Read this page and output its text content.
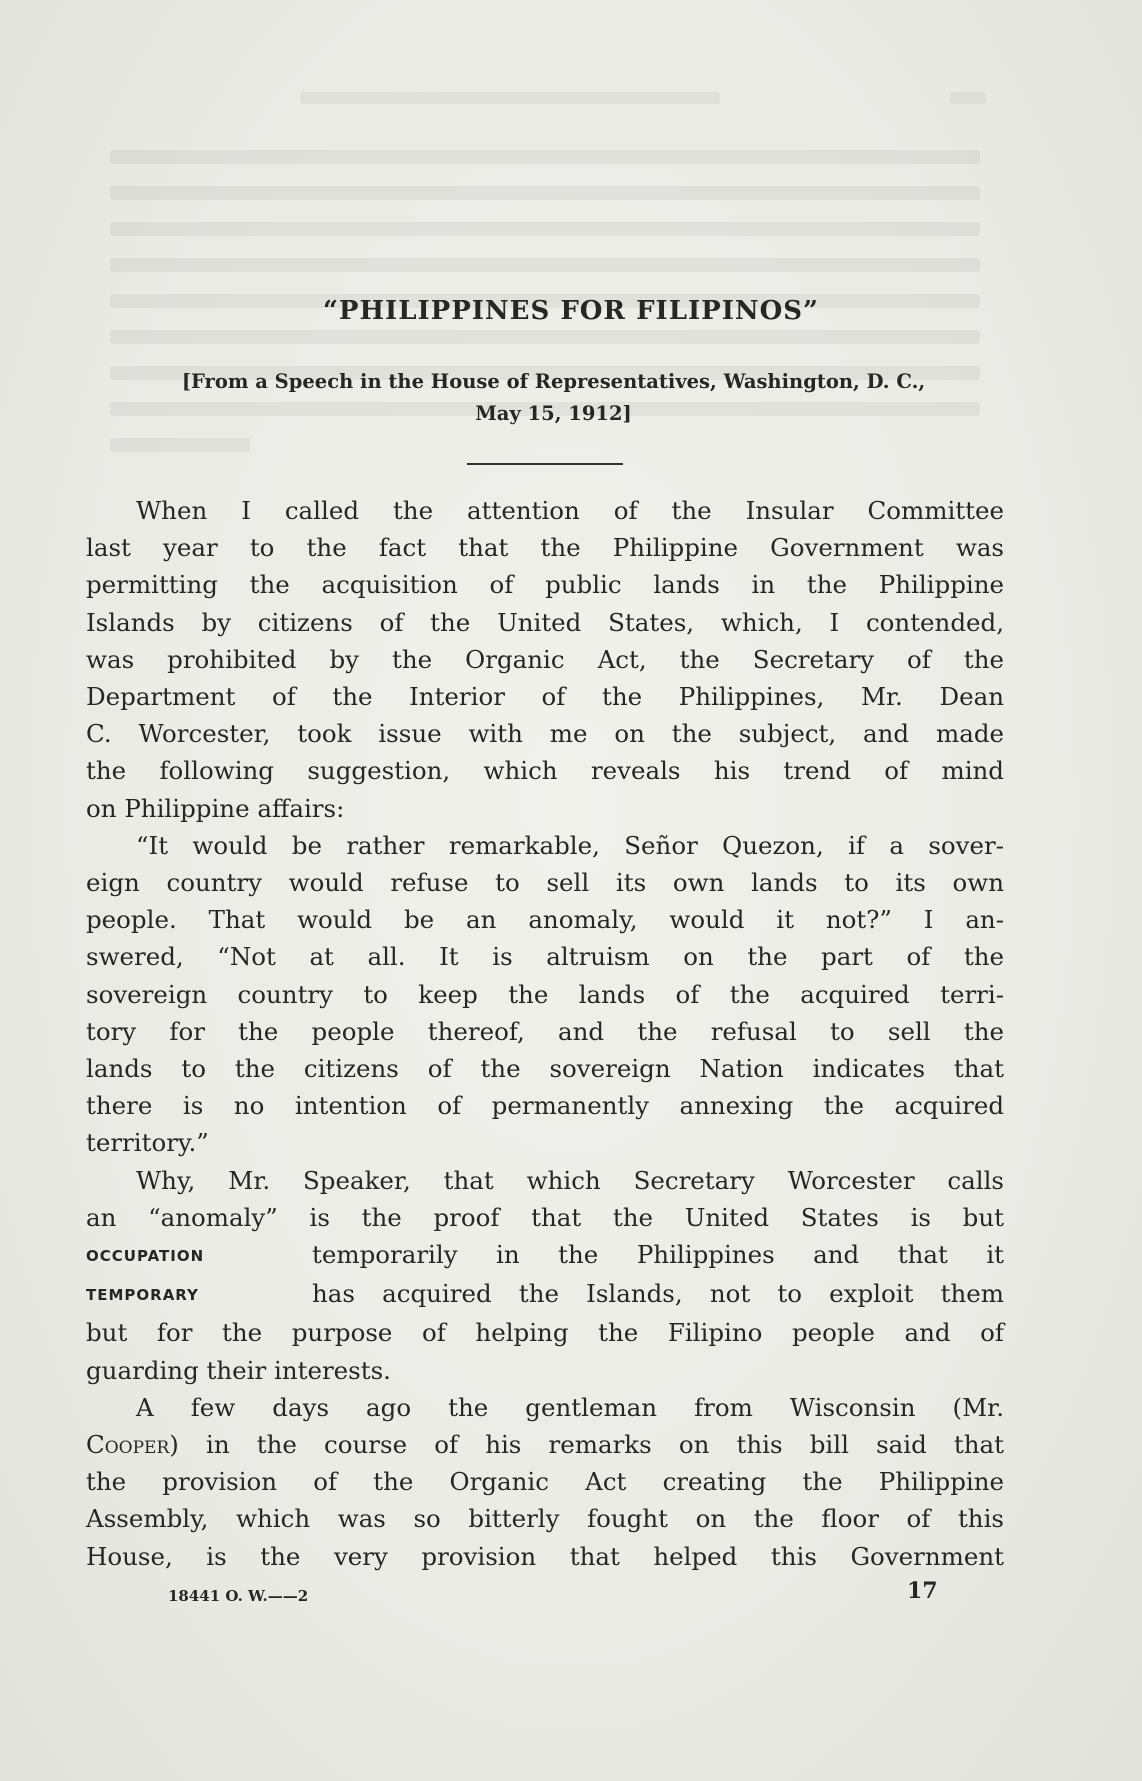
“PHILIPPINES FOR FILIPINOS”
[From a Speech in the House of Representatives, Washington, D. C.,
May 15, 1912]
When I called the attention of the Insular Committee
last year to the fact that the Philippine Government was
permitting the acquisition of public lands in the Philippine
Islands by citizens of the United States, which, I contended,
was prohibited by the Organic Act, the Secretary of the
Department of the Interior of the Philippines, Mr. Dean
C. Worcester, took issue with me on the subject, and made
the following suggestion, which reveals his trend of mind
on Philippine affairs:
“It would be rather remarkable, Señor Quezon, if a sover-
eign country would refuse to sell its own lands to its own
people. That would be an anomaly, would it not?” I an-
swered, “Not at all. It is altruism on the part of the
sovereign country to keep the lands of the acquired terri-
tory for the people thereof, and the refusal to sell the
lands to the citizens of the sovereign Nation indicates that
there is no intention of permanently annexing the acquired
territory.”
Why, Mr. Speaker, that which Secretary Worcester calls
an “anomaly” is the proof that the United States is but
OCCUPATION	temporarily in the Philippines and that it
TEMPORARY	has acquired the Islands, not to exploit them
but for the purpose of helping the Filipino people and of
guarding their interests.
A few days ago the gentleman from Wisconsin (Mr.
Cooper) in the course of his remarks on this bill said that
the provision of the Organic Act creating the Philippine
Assembly, which was so bitterly fought on the floor of this
House, is the very provision that helped this Government
18441 O. W.——2	17
